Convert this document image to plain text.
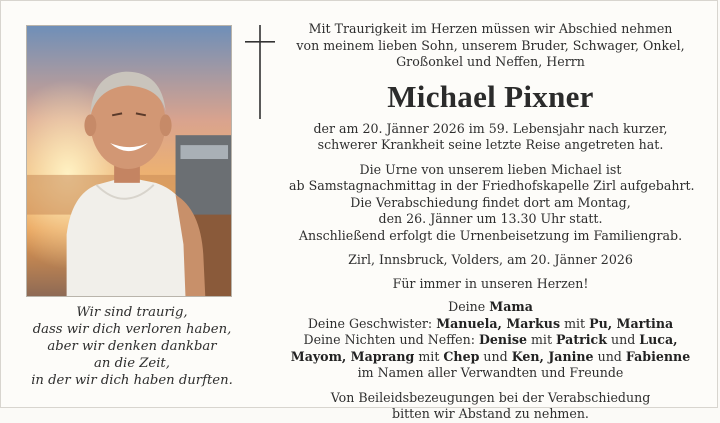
Mit Traurigkeit im Herzen müssen wir Abschied nehmen
von meinem lieben Sohn, unserem Bruder, Schwager, Onkel,
Großonkel und Neffen, Herrn

Michael Pixner

der am 20. Jänner 2026 im 59. Lebensjahr nach kurzer,
schwerer Krankheit seine letzte Reise angetreten hat.

Die Urne von unserem lieben Michael ist
ab Samstagnachmittag in der Friedhofskapelle Zirl aufgebahrt.
Die Verabschiedung findet dort am Montag,
den 26. Jänner um 13.30 Uhr statt.
Anschließend erfolgt die Urnenbeisetzung im Familiengrab.

Zirl, Innsbruck, Volders, am 20. Jänner 2026

Für immer in unseren Herzen!

Deine Mama
Deine Geschwister: Manuela, Markus mit Pu, Martina
Deine Nichten und Neffen: Denise mit Patrick und Luca,
Mayom, Maprang mit Chep und Ken, Janine und Fabienne
im Namen aller Verwandten und Freunde

Von Beileidsbezeugungen bei der Verabschiedung
bitten wir Abstand zu nehmen.

Wir sind traurig,
dass wir dich verloren haben,
aber wir denken dankbar
an die Zeit,
in der wir dich haben durften.
